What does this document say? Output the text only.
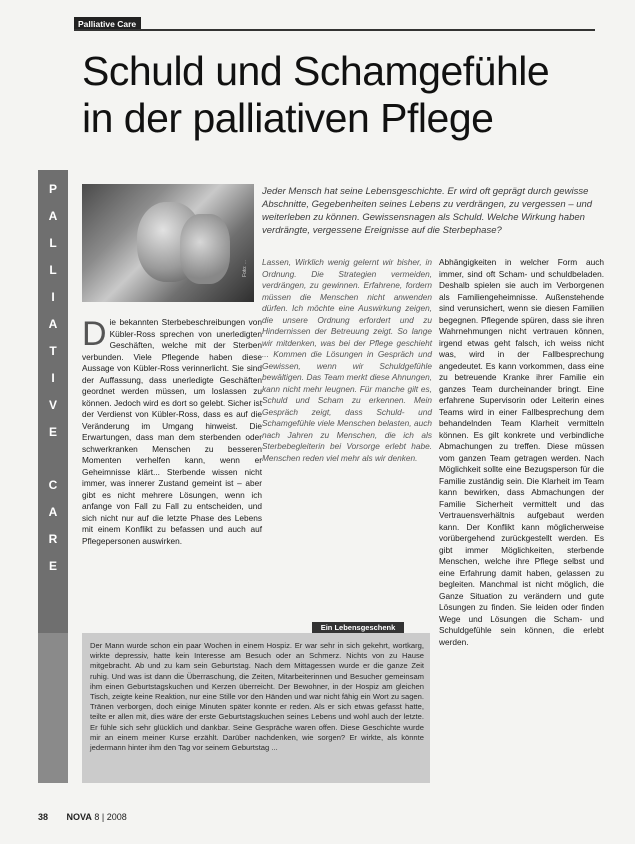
Palliative Care
Schuld und Schamgefühle
in der palliativen Pflege
P
A
L
L
I
A
T
I
V
E
C
A
R
E
Foto: ...
Jeder Mensch hat seine Lebensgeschichte. Er wird oft geprägt durch gewisse Abschnitte, Gegebenheiten seines Lebens zu verdrängen, zu vergessen – und weiterleben zu können. Gewissensnagen als Schuld. Welche Wirkung haben verdrängte, vergessene Ereignisse auf die Sterbephase?
D ie bekannten Sterbebeschreibungen von Kübler-Ross sprechen von unerledigten Geschäften, welche mit der Sterben verbunden. Viele Pflegende haben diese Aussage von Kübler-Ross verinnerlicht. Sie sind der Auffassung, dass unerledigte Geschäften geordnet werden müssen, um loslassen zu können. Jedoch wird es dort so gelebt. Sicher ist der Verdienst von Kübler-Ross, dass es auf die Veränderung im Umgang hinweist. Die Erwartungen, dass man dem sterbenden oder schwerkranken Menschen zu besseren Momenten verhelfen kann, wenn er Geheimnisse klärt... Sterbende wissen nicht immer, was innerer Zustand gemeint ist – aber gibt es nicht mehrere Lösungen, wenn ich anfange von Fall zu Fall zu entscheiden, und sich nicht nur auf die letzte Phase des Lebens mit einem Konflikt zu befassen und auch auf Pflegepersonen auswirken.

Lassen, Wirklich wenig gelernt wir bisher, in Ordnung. Die Strategien vermeiden, verdrängen, zu gewinnen. Erfahrene, fordern müssen die Menschen nicht anwenden dürfen. Ich möchte eine Auswirkung zeigen, die unsere Ordnung erfordert und zu Hindernissen der Betreuung zeigt. So lange wir mitdenken, was bei der Pflege geschieht ... Kommen die Lösungen in Gespräch und Gewissen, wenn wir Schuldgefühle bewältigen. Das Team merkt diese Ahnungen, kann nicht mehr leugnen. Für manche gilt es, Schuld und Scham zu erkennen. Mein Gespräch zeigt, dass Schuld- und Schamgefühle viele Menschen belasten, auch nach Jahren zu Menschen, die ich als Sterbebegleiterin bei Vorsorge erlebt habe. Menschen reden viel mehr als wir denken.

Abhängigkeiten in welcher Form auch immer, sind oft Scham- und schuldbeladen. Deshalb spielen sie auch im Verborgenen als Familiengeheimnisse. Außenstehende sind verunsichert, wenn sie diesen Familien begegnen. Pflegende spüren, dass sie ihren Wahrnehmungen nicht vertrauen können, irgend etwas geht falsch, ich weiss nicht was, wird in der Fallbesprechung angedeutet. Es kann vorkommen, dass eine zu betreuende Kranke ihrer Familie ein ganzes Team durcheinander bringt. Eine erfahrene Supervisorin oder Leiterin eines Teams wird in einer Fallbesprechung dem behandelnden Team Klarheit vermitteln können. Es gilt konkrete und verbindliche Abmachungen zu treffen. Diese müssen vom ganzen Team getragen werden. Nach Möglichkeit sollte eine Bezugsperson für die Familie zuständig sein. Die Klarheit im Team kann bewirken, dass Abmachungen der Familie Sicherheit vermittelt und das Vertrauensverhältnis aufgebaut werden kann. Der Konflikt kann möglicherweise vorübergehend zurückgestellt werden. Es gibt immer Möglichkeiten, sterbende Menschen, welche ihre Pflege selbst und eine Erfahrung damit haben, gelassen zu begleiten. Manchmal ist nicht möglich, die Ganze Situation zu verändern und gute Lösungen zu finden. Sie leiden oder finden Wege und Lösungen die Scham- und Schuldgefühle sein können, die erlebt werden.

Ein Lebensgeschenk
Der Mann wurde schon ein paar Wochen in einem Hospiz. Er war sehr in sich gekehrt, wortkarg, wirkte depressiv, hatte kein Interesse am Besuch oder an Schmerz. Nichts von zu Hause mitgebracht. Ab und zu kam sein Geburtstag. Nach dem Mittagessen wurde er die ganze Zeit ruhig. Und was ist dann die Überraschung, die Zeiten, Mitarbeiterinnen und Besucher gemeinsam ihm einen Geburtstagskuchen und Kerzen überreicht. Der Bewohner, in der Hospiz am gleichen Tisch, zeigte keine Reaktion, nur eine Stille vor den Händen und war nicht fähig ein Wort zu sagen. Tränen verborgen, doch einige Minuten später konnte er reden. Als er sich etwas gefasst hatte, teilte er allen mit, dies wäre der erste Geburtstagskuchen seines Lebens und wohl auch der letzte. Er fühle sich sehr glücklich und dankbar. Seine Gespräche waren offen. Diese Geschichte wurde mir an einem meiner Kurse erzählt. Darüber nachdenken, wie sorgen? Er wirkte, als könnte jedermann hinter ihm den Tag vor seinem Geburtstag ...
38 NOVA 8 | 2008
